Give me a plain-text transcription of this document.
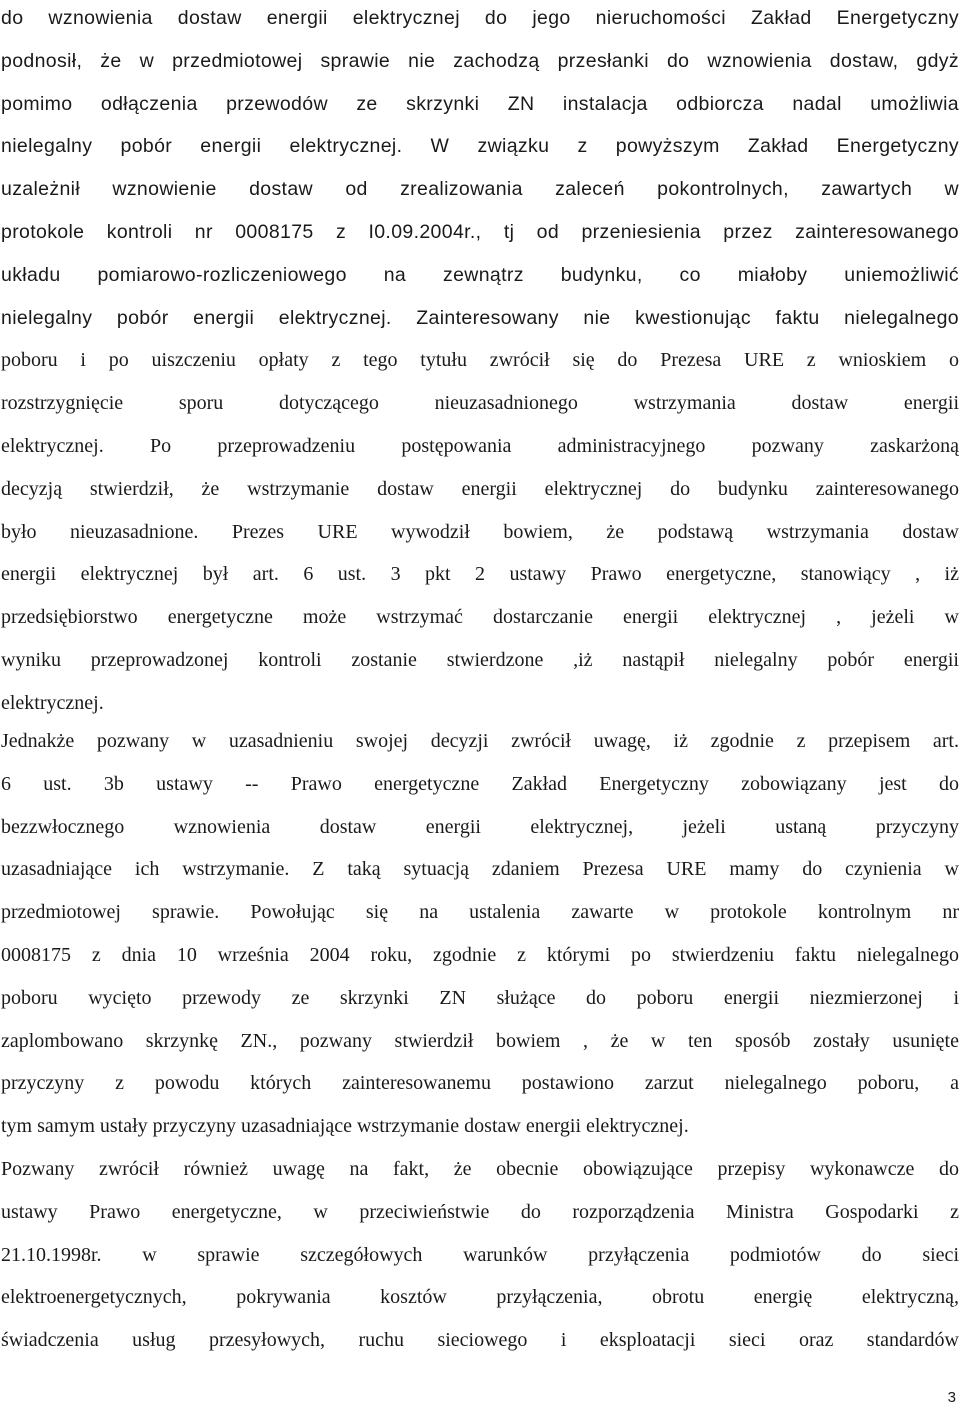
do wznowienia dostaw energii elektrycznej do jego nieruchomości Zakład Energetyczny
podnosił, że w przedmiotowej sprawie nie zachodzą przesłanki do wznowienia dostaw, gdyż
pomimo odłączenia przewodów ze skrzynki ZN instalacja odbiorcza nadal umożliwia
nielegalny pobór energii elektrycznej. W związku z powyższym Zakład Energetyczny
uzależnił wznowienie dostaw od zrealizowania zaleceń pokontrolnych, zawartych w
protokole kontroli nr 0008175 z I0.09.2004r., tj od przeniesienia przez zainteresowanego
układu pomiarowo-rozliczeniowego na zewnątrz budynku, co miałoby uniemożliwić
nielegalny pobór energii elektrycznej. Zainteresowany nie kwestionując faktu nielegalnego
poboru i po uiszczeniu opłaty z tego tytułu zwrócił się do Prezesa URE z wnioskiem o
rozstrzygnięcie sporu dotyczącego nieuzasadnionego wstrzymania dostaw energii
elektrycznej. Po przeprowadzeniu postępowania administracyjnego pozwany zaskarżoną
decyzją stwierdził, że wstrzymanie dostaw energii elektrycznej do budynku zainteresowanego
było nieuzasadnione. Prezes URE wywodził bowiem, że podstawą wstrzymania dostaw
energii elektrycznej był art. 6 ust. 3 pkt 2 ustawy Prawo energetyczne, stanowiący , iż
przedsiębiorstwo energetyczne może wstrzymać dostarczanie energii elektrycznej , jeżeli w
wyniku przeprowadzonej kontroli zostanie stwierdzone ,iż nastąpił nielegalny pobór energii
elektrycznej.
Jednakże pozwany w uzasadnieniu swojej decyzji zwrócił uwagę, iż zgodnie z przepisem art.
6 ust. 3b ustawy -- Prawo energetyczne Zakład Energetyczny zobowiązany jest do
bezzwłocznego wznowienia dostaw energii elektrycznej, jeżeli ustaną przyczyny
uzasadniające ich wstrzymanie. Z taką sytuacją zdaniem Prezesa URE mamy do czynienia w
przedmiotowej sprawie. Powołując się na ustalenia zawarte w protokole kontrolnym nr
0008175 z dnia 10 września 2004 roku, zgodnie z którymi po stwierdzeniu faktu nielegalnego
poboru wycięto przewody ze skrzynki ZN służące do poboru energii niezmierzonej i
zaplombowano skrzynkę ZN., pozwany stwierdził bowiem , że w ten sposób zostały usunięte
przyczyny z powodu których zainteresowanemu postawiono zarzut nielegalnego poboru, a
tym samym ustały przyczyny uzasadniające wstrzymanie dostaw energii elektrycznej.
Pozwany zwrócił również uwagę na fakt, że obecnie obowiązujące przepisy wykonawcze do
ustawy Prawo energetyczne, w przeciwieństwie do rozporządzenia Ministra Gospodarki z
21.10.1998r. w sprawie szczegółowych warunków przyłączenia podmiotów do sieci
elektroenergetycznych, pokrywania kosztów przyłączenia, obrotu energię elektryczną,
świadczenia usług przesyłowych, ruchu sieciowego i eksploatacji sieci oraz standardów
3
